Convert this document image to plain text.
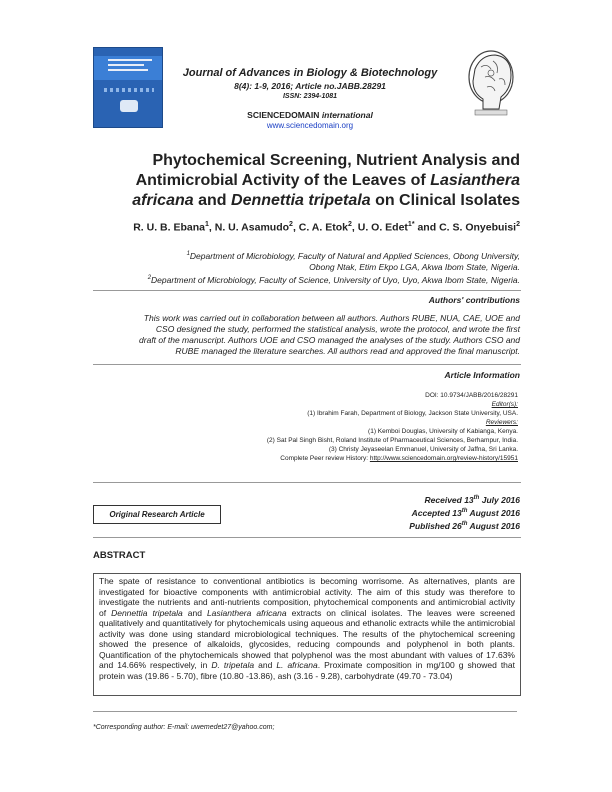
Journal of Advances in Biology & Biotechnology
8(4): 1-9, 2016; Article no.JABB.28291
ISSN: 2394-1081
SCIENCEDOMAIN international
www.sciencedomain.org
Phytochemical Screening, Nutrient Analysis and
Antimicrobial Activity of the Leaves of Lasianthera
africana and Dennettia tripetala on Clinical Isolates
R. U. B. Ebana$^1$, N. U. Asamudo$^2$, C. A. Etok$^2$, U. O. Edet$^{1*}$ and C. S. Onyebuisi$^2$
$^1$Department of Microbiology, Faculty of Natural and Applied Sciences, Obong University,
Obong Ntak, Etim Ekpo LGA, Akwa Ibom State, Nigeria.
$^2$Department of Microbiology, Faculty of Science, University of Uyo, Uyo, Akwa Ibom State, Nigeria.
Authors' contributions
This work was carried out in collaboration between all authors. Authors RUBE, NUA, CAE, UOE and
CSO designed the study, performed the statistical analysis, wrote the protocol, and wrote the first
draft of the manuscript. Authors UOE and CSO managed the analyses of the study. Authors CSO and
RUBE managed the literature searches. All authors read and approved the final manuscript.
Article Information
DOI: 10.9734/JABB/2016/28291
Editor(s):
(1) Ibrahim Farah, Department of Biology, Jackson State University, USA.
Reviewers:
(1) Kemboi Douglas, University of Kabianga, Kenya.
(2) Sat Pal Singh Bisht, Roland Institute of Pharmaceutical Sciences, Berhampur, India.
(3) Christy Jeyaseelan Emmanuel, University of Jaffna, Sri Lanka.
Complete Peer review History: http://www.sciencedomain.org/review-history/15951
Original Research Article
Received 13th July 2016
Accepted 13th August 2016
Published 26th August 2016
ABSTRACT
The spate of resistance to conventional antibiotics is becoming worrisome. As alternatives, plants are investigated for bioactive components with antimicrobial activity. The aim of this study was therefore to investigate the nutrients and anti-nutrients composition, phytochemical components and antimicrobial activity of Dennettia tripetala and Lasianthera africana extracts on clinical isolates. The leaves were screened qualitatively and quantitatively for phytochemicals using aqueous and ethanolic extracts while the antimicrobial activity was done using standard microbiological techniques. The results of the phytochemical screening showed the presence of alkaloids, glycosides, reducing compounds and polyphenol in both plants. Quantification of the phytochemicals showed that polyphenol was the most abundant with values of 17.63% and 14.66% respectively, in D. tripetala and L. africana. Proximate composition in mg/100 g showed that protein was (19.86 - 5.70), fibre (10.80 -13.86), ash (3.16 - 9.28), carbohydrate (49.70 - 73.04)
*Corresponding author: E-mail: uwemedet27@yahoo.com;
